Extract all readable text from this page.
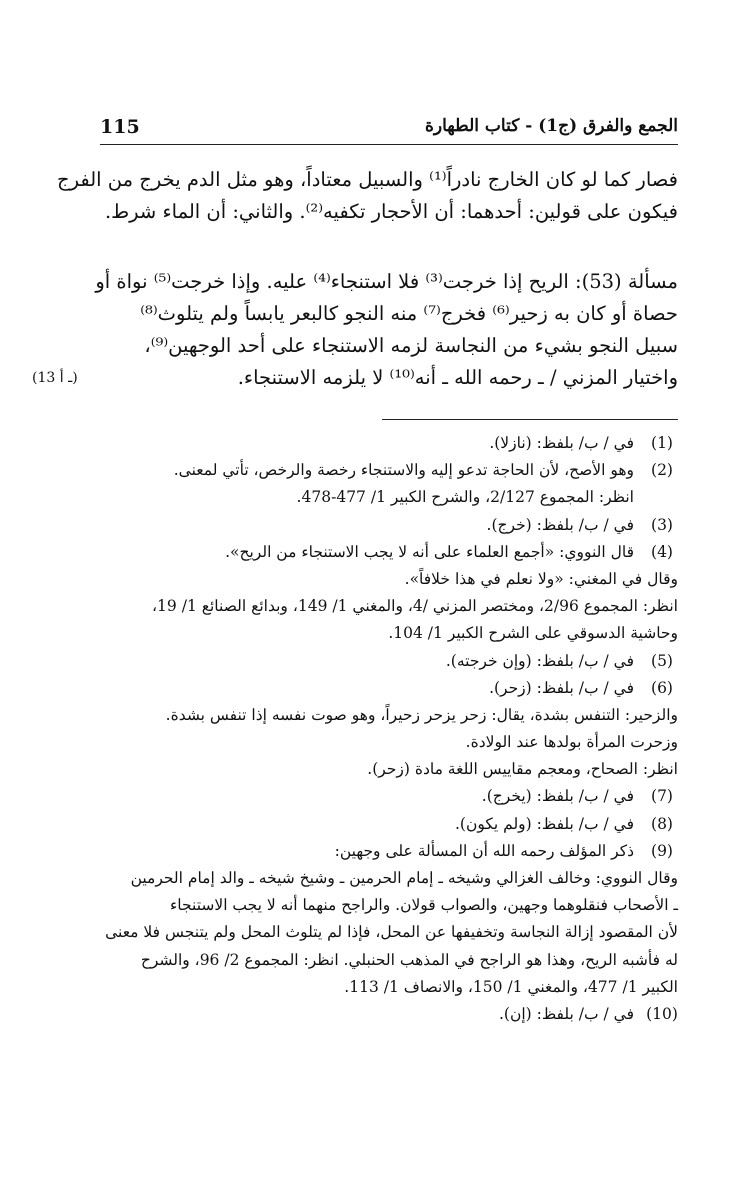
115	الجمع والفرق (ج1) - كتاب الطهارة
فصار كما لو كان الخارج نادراً⁽¹⁾ والسبيل معتاداً، وهو مثل الدم يخرج من الفرج
فيكون على قولين: أحدهما: أن الأحجار تكفيه⁽²⁾. والثاني: أن الماء شرط.
مسألة (53): الريح إذا خرجت⁽³⁾ فلا استنجاء⁽⁴⁾ عليه. وإذا خرجت⁽⁵⁾ نواة أو
حصاة أو كان به زحير⁽⁶⁾ فخرج⁽⁷⁾ منه النجو كالبعر يابساً ولم يتلوث⁽⁸⁾
سبيل النجو بشيء من النجاسة لزمه الاستنجاء على أحد الوجهين⁽⁹⁾،
واختيار المزني / ـ رحمه الله ـ أنه⁽¹⁰⁾ لا يلزمه الاستنجاء.
(13 ـ أ)
(1)
في / ب/ بلفظ: (نازلا).
(2)
وهو الأصح، لأن الحاجة تدعو إليه والاستنجاء رخصة والرخص، تأتي لمعنى.
انظر: المجموع 2/127، والشرح الكبير 1/ 477-478.
(3)
في / ب/ بلفظ: (خرج).
(4)
قال النووي: «أجمع العلماء على أنه لا يجب الاستنجاء من الريح».
وقال في المغني: «ولا نعلم في هذا خلافاً».
انظر: المجموع 2/96، ومختصر المزني /4، والمغني 1/ 149، وبدائع الصنائع 1/ 19،
وحاشية الدسوقي على الشرح الكبير 1/ 104.
(5)
في / ب/ بلفظ: (وإن خرجته).
(6)
في / ب/ بلفظ: (زحر).
والزحير: التنفس بشدة، يقال: زحر يزحر زحيراً، وهو صوت نفسه إذا تنفس بشدة.
وزحرت المرأة بولدها عند الولادة.
انظر: الصحاح، ومعجم مقاييس اللغة مادة (زحر).
(7)
في / ب/ بلفظ: (يخرج).
(8)
في / ب/ بلفظ: (ولم يكون).
(9)
ذكر المؤلف رحمه الله أن المسألة على وجهين:
وقال النووي: وخالف الغزالي وشيخه ـ إمام الحرمين ـ وشيخ شيخه ـ والد إمام الحرمين
ـ الأصحاب فنقلوهما وجهين، والصواب قولان. والراجح منهما أنه لا يجب الاستنجاء
لأن المقصود إزالة النجاسة وتخفيفها عن المحل، فإذا لم يتلوث المحل ولم يتنجس فلا معنى
له فأشبه الريح، وهذا هو الراجح في المذهب الحنبلي. انظر: المجموع 2/ 96، والشرح
الكبير 1/ 477، والمغني 1/ 150، والانصاف 1/ 113.
(10)
في / ب/ بلفظ: (إن).
